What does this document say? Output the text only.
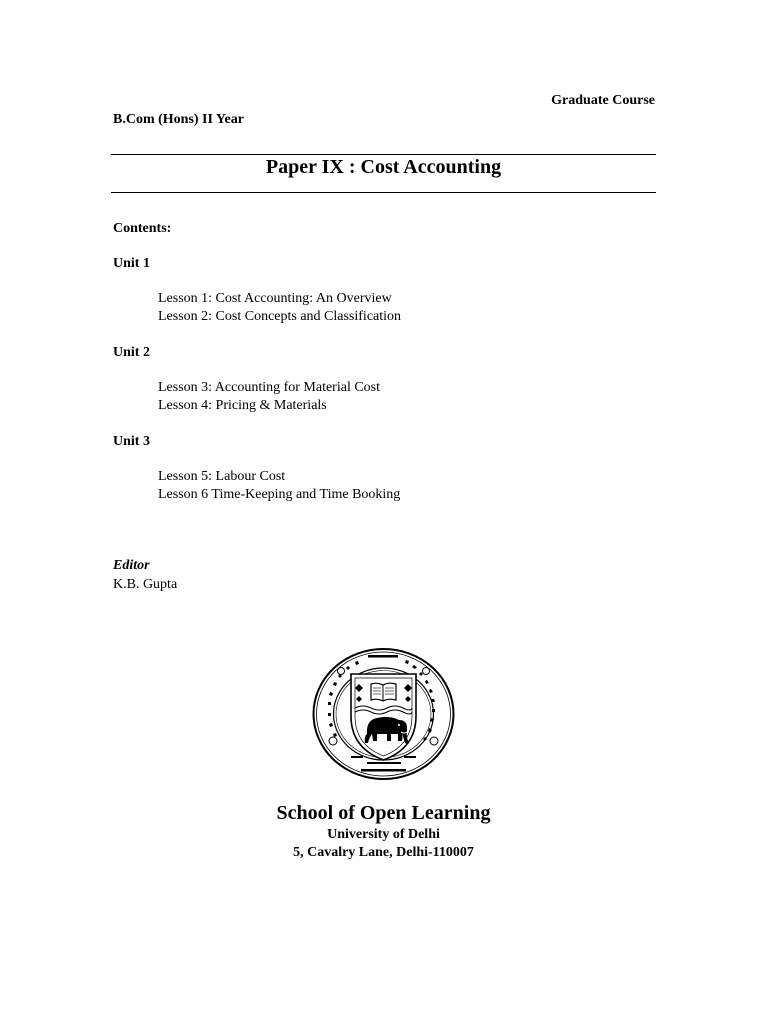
Graduate Course
B.Com (Hons) II Year
Paper IX : Cost Accounting
Contents:

Unit 1

Lesson 1: Cost Accounting: An Overview
Lesson 2: Cost Concepts and Classification

Unit 2

Lesson 3: Accounting for Material Cost
Lesson 4: Pricing & Materials

Unit 3

Lesson 5: Labour Cost
Lesson 6 Time-Keeping and Time Booking
Editor
K.B. Gupta
School of Open Learning
University of Delhi
5, Cavalry Lane, Delhi-110007
